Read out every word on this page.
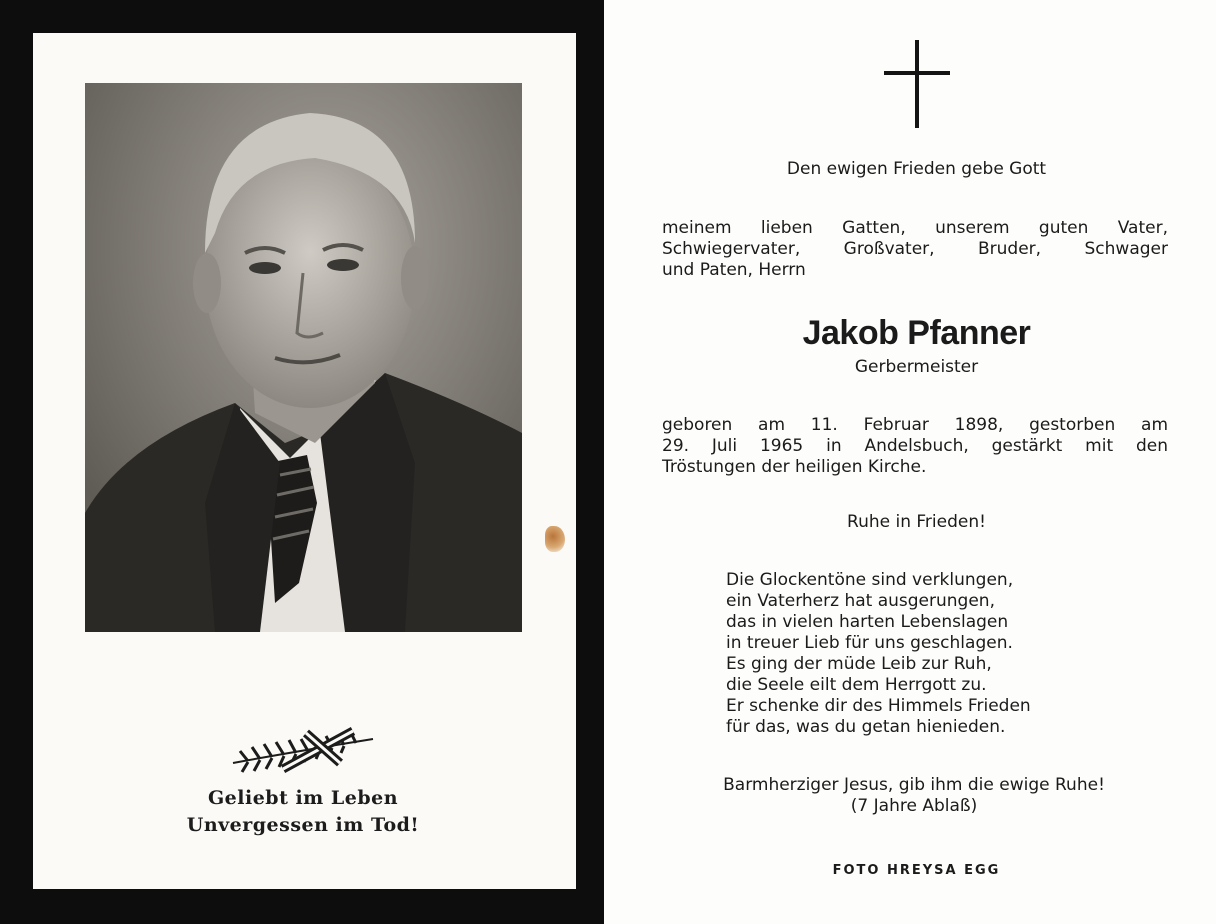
Geliebt im Leben
Unvergessen im Tod!
Den ewigen Frieden gebe Gott
meinem lieben Gatten, unserem guten Vater,
Schwiegervater, Großvater, Bruder, Schwager
und Paten, Herrn
Jakob Pfanner
Gerbermeister
geboren am 11. Februar 1898, gestorben am
29. Juli 1965 in Andelsbuch, gestärkt mit den
Tröstungen der heiligen Kirche.
Ruhe in Frieden!
Die Glockentöne sind verklungen,
ein Vaterherz hat ausgerungen,
das in vielen harten Lebenslagen
in treuer Lieb für uns geschlagen.
Es ging der müde Leib zur Ruh,
die Seele eilt dem Herrgott zu.
Er schenke dir des Himmels Frieden
für das, was du getan hienieden.
Barmherziger Jesus, gib ihm die ewige Ruhe!
(7 Jahre Ablaß)
FOTO HREYSA EGG
